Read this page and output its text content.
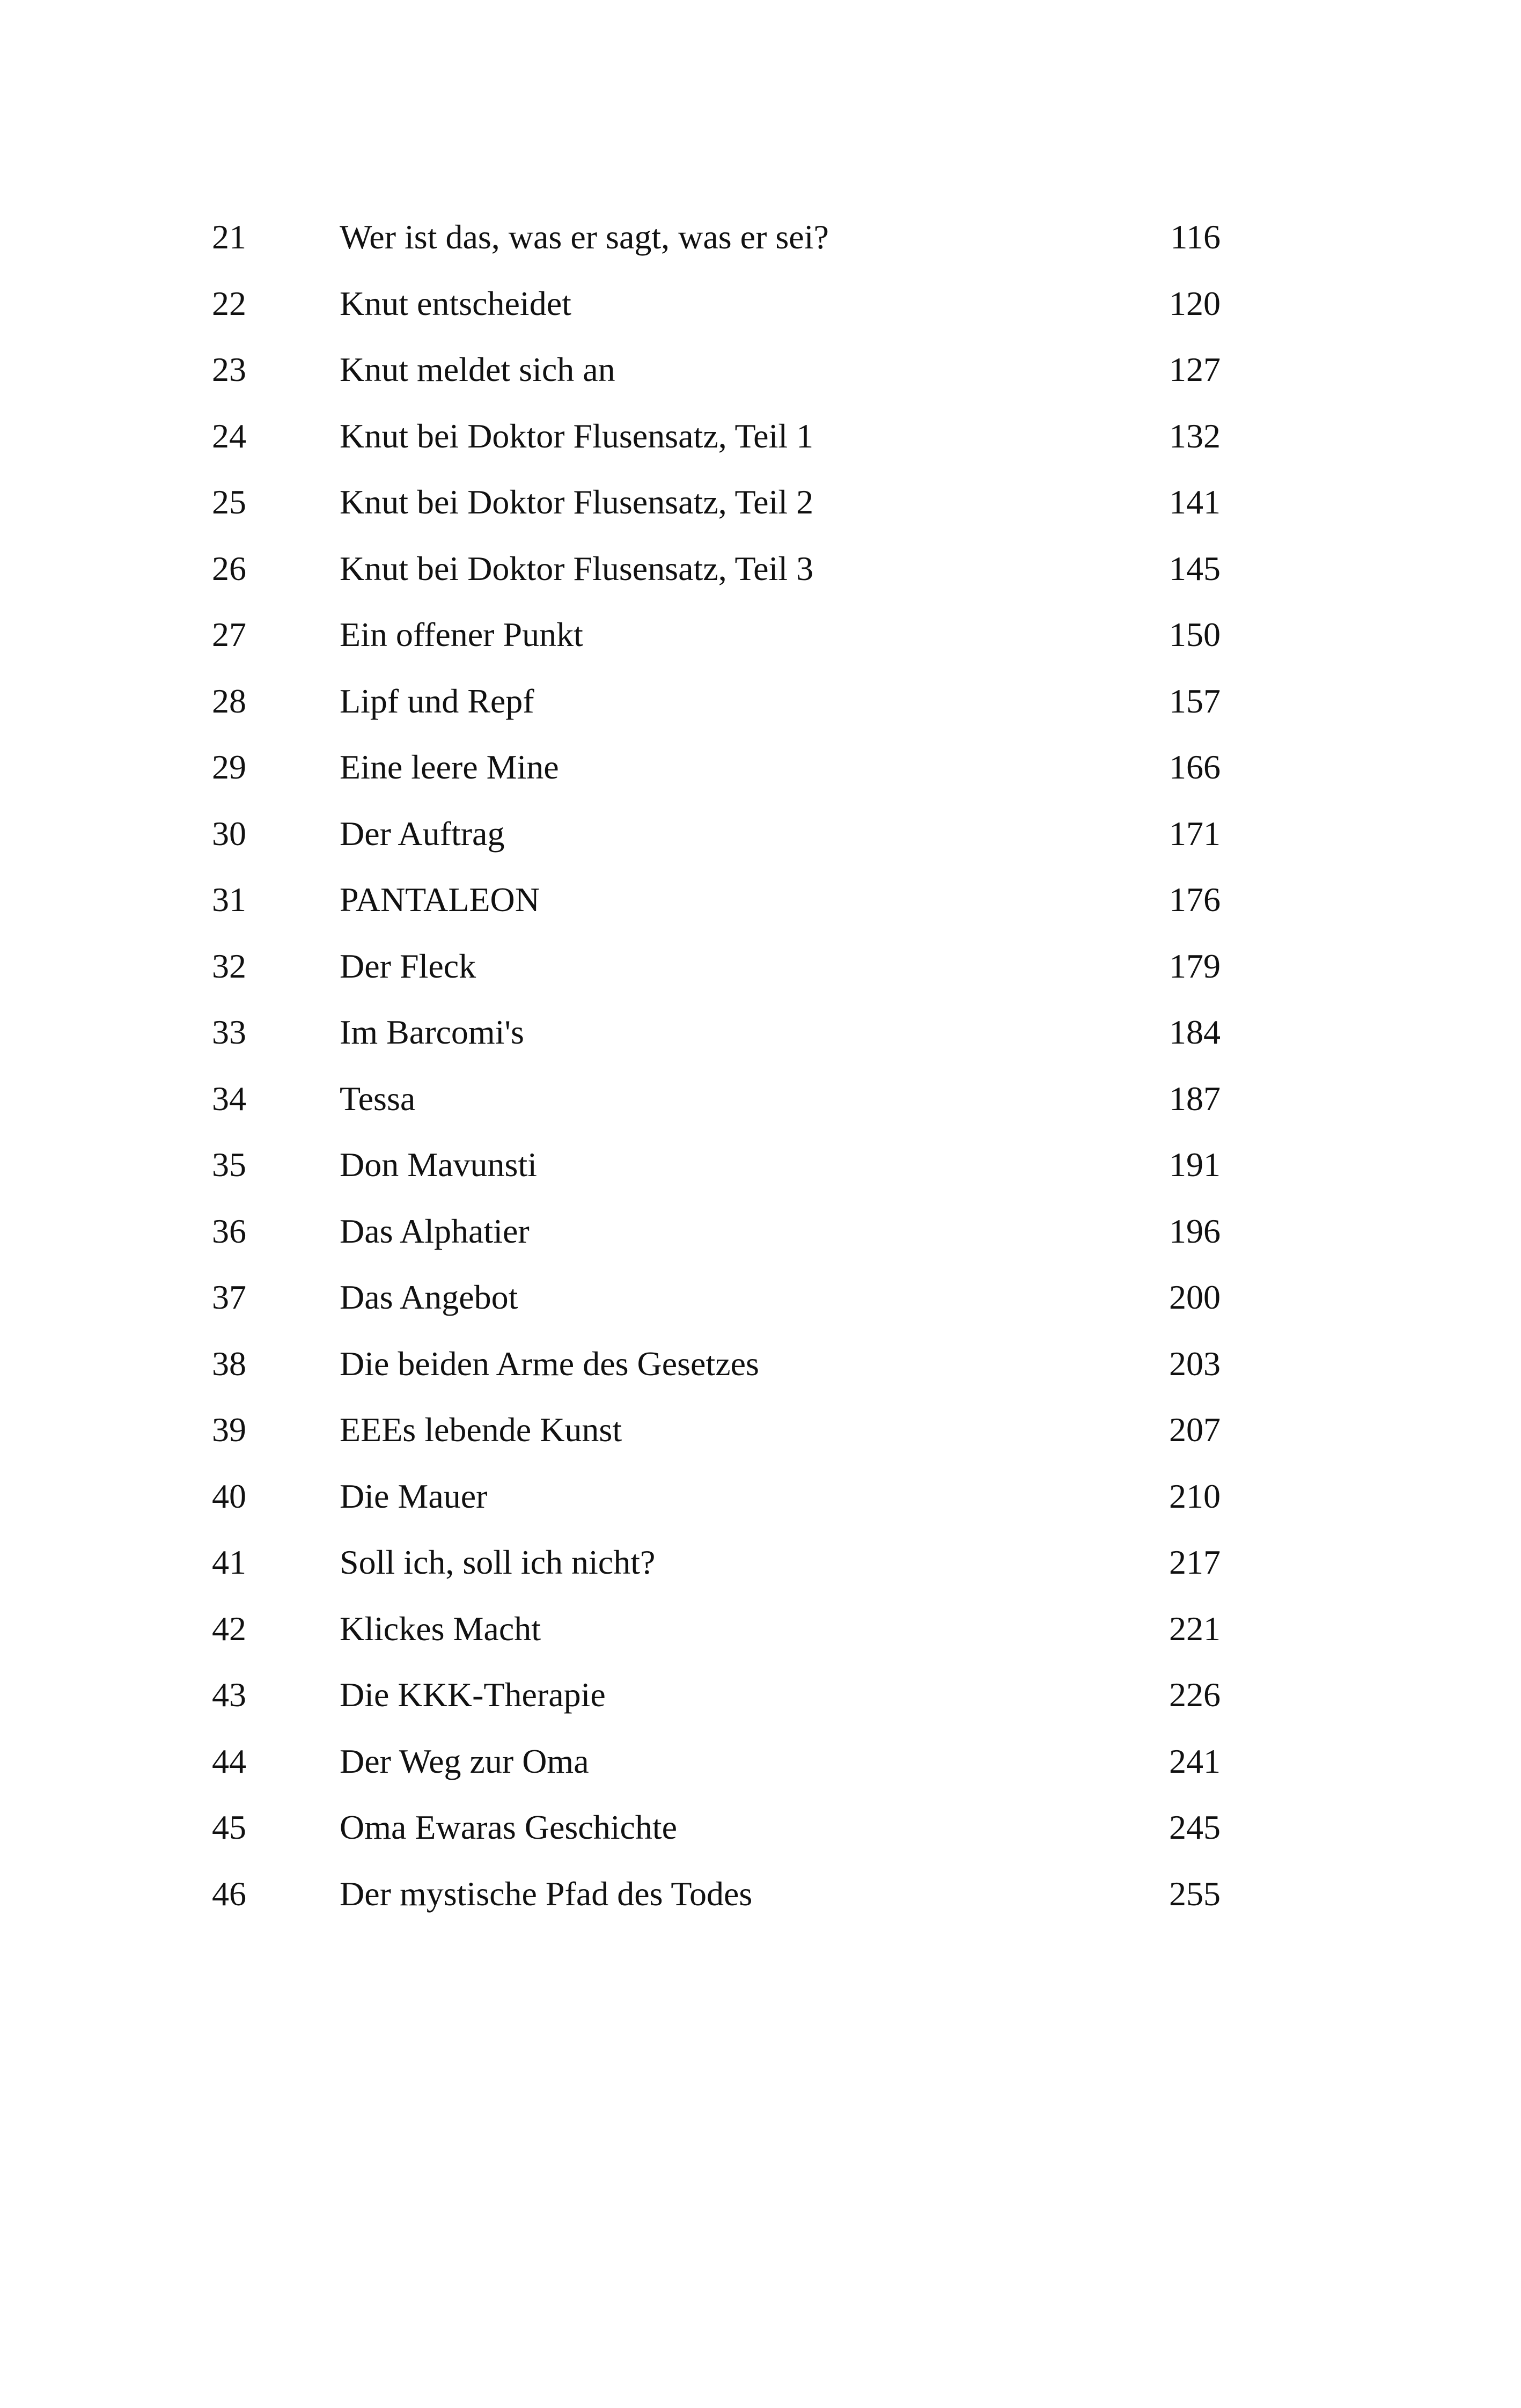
21	Wer ist das, was er sagt, was er sei?	116
22	Knut entscheidet	120
23	Knut meldet sich an	127
24	Knut bei Doktor Flusensatz, Teil 1	132
25	Knut bei Doktor Flusensatz, Teil 2	141
26	Knut bei Doktor Flusensatz, Teil 3	145
27	Ein offener Punkt	150
28	Lipf und Repf	157
29	Eine leere Mine	166
30	Der Auftrag	171
31	PANTALEON	176
32	Der Fleck	179
33	Im Barcomi's	184
34	Tessa	187
35	Don Mavunsti	191
36	Das Alphatier	196
37	Das Angebot	200
38	Die beiden Arme des Gesetzes	203
39	EEEs lebende Kunst	207
40	Die Mauer	210
41	Soll ich, soll ich nicht?	217
42	Klickes Macht	221
43	Die KKK-Therapie	226
44	Der Weg zur Oma	241
45	Oma Ewaras Geschichte	245
46	Der mystische Pfad des Todes	255
